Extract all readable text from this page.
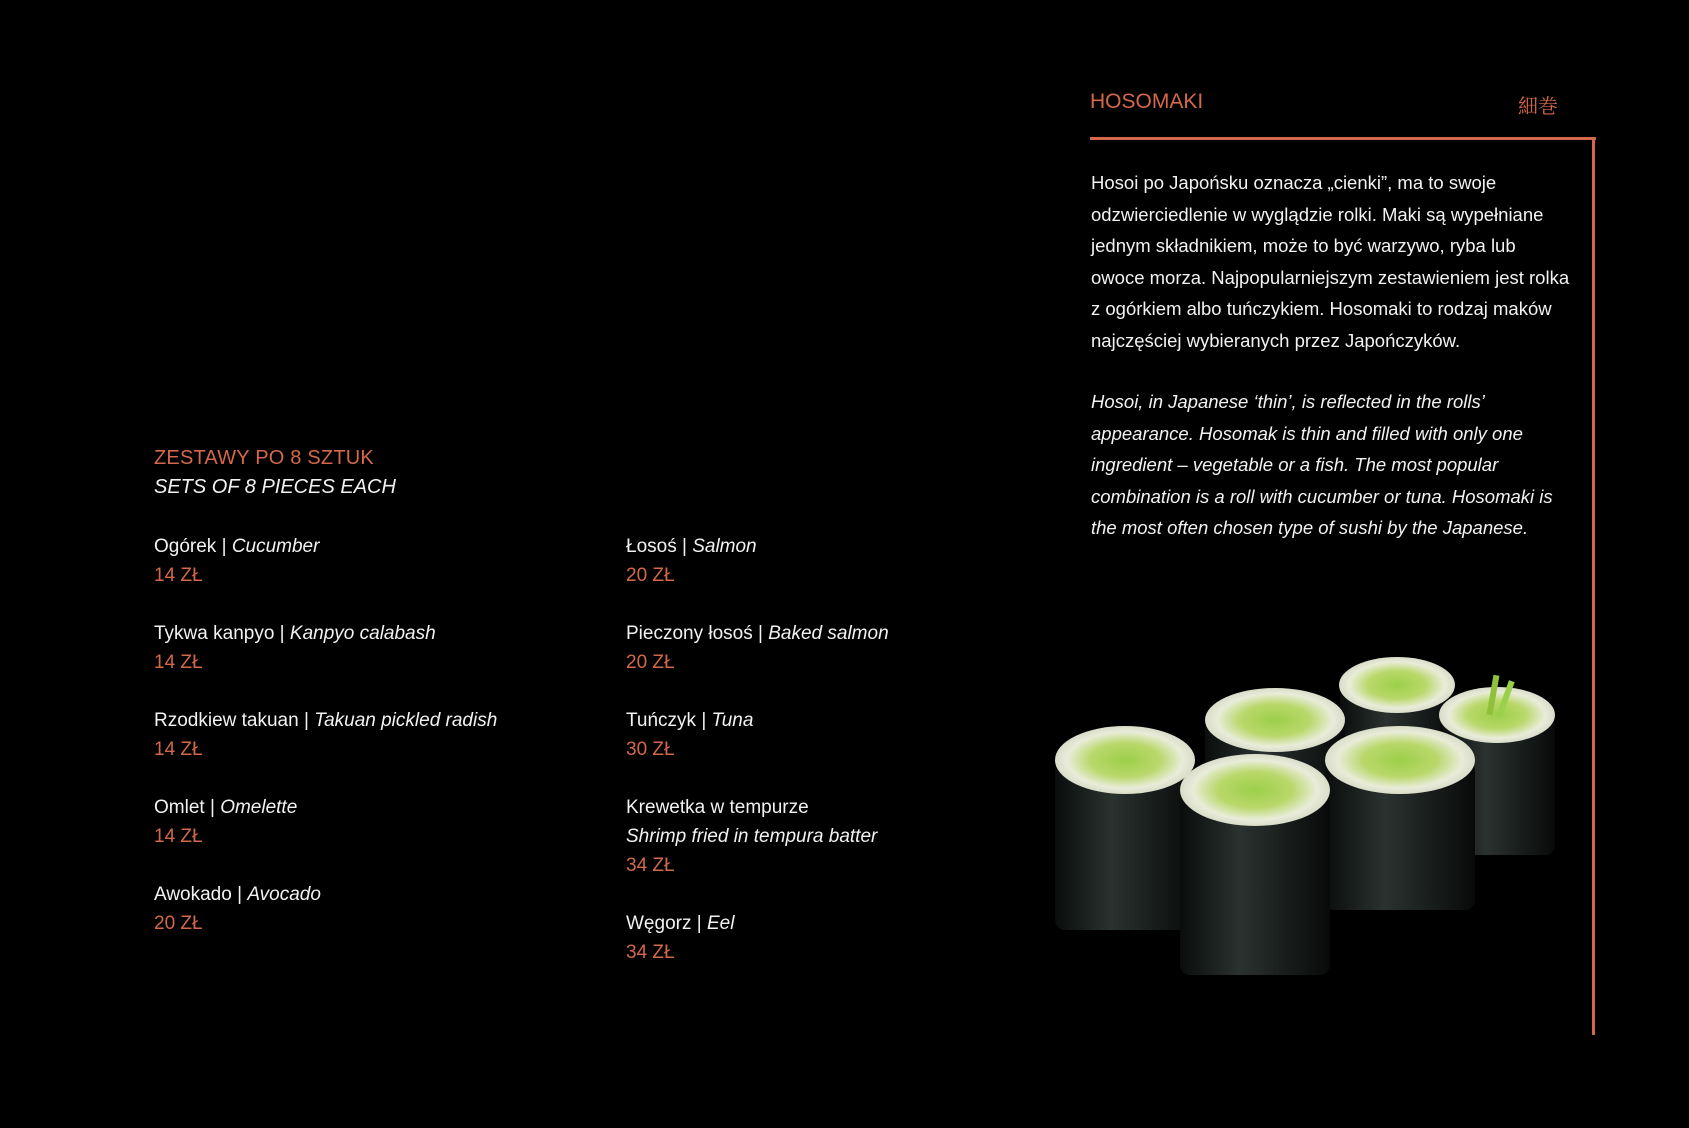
ZESTAWY PO 8 SZTUK
SETS OF 8 PIECES EACH
Ogórek | Cucumber
14 ZŁ
Tykwa kanpyo | Kanpyo calabash
14 ZŁ
Rzodkiew takuan | Takuan pickled radish
14 ZŁ
Omlet | Omelette
14 ZŁ
Awokado | Avocado
20 ZŁ
Łosoś | Salmon
20 ZŁ
Pieczony łosoś | Baked salmon
20 ZŁ
Tuńczyk | Tuna
30 ZŁ
Krewetka w tempurze
Shrimp fried in tempura batter
34 ZŁ
Węgorz | Eel
34 ZŁ
HOSOMAKI	細巻

Hosoi po Japońsku oznacza „cienki”, ma to swoje odzwierciedlenie w wyglądzie rolki. Maki są wypełniane jednym składnikiem, może to być warzywo, ryba lub owoce morza. Najpopularniejszym zestawieniem jest rolka z ogórkiem albo tuńczykiem. Hosomaki to rodzaj maków najczęściej wybieranych przez Japończyków.

Hosoi, in Japanese ‘thin’, is reflected in the rolls’ appearance. Hosomak is thin and filled with only one ingredient – vegetable or a fish. The most popular combination is a roll with cucumber or tuna. Hosomaki is the most often chosen type of sushi by the Japanese.
